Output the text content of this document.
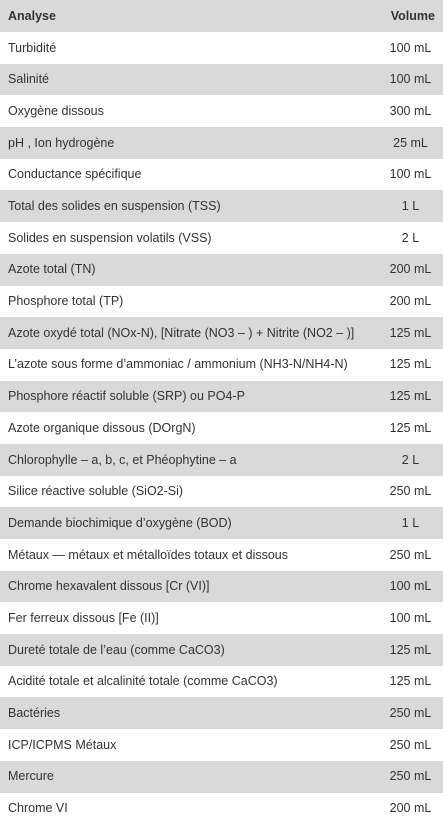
Analyse	Volume
Turbidité	100 mL
Salinité	100 mL
Oxygène dissous	300 mL
pH , Ion hydrogène	25 mL
Conductance spécifique	100 mL
Total des solides en suspension (TSS)	1 L
Solides en suspension volatils (VSS)	2 L
Azote total (TN)	200 mL
Phosphore total (TP)	200 mL
Azote oxydé total (NOx-N), [Nitrate (NO3 – ) + Nitrite (NO2 – )]	125 mL
L’azote sous forme d’ammoniac / ammonium (NH3-N/NH4-N)	125 mL
Phosphore réactif soluble (SRP) ou PO4-P	125 mL
Azote organique dissous (DOrgN)	125 mL
Chlorophylle – a, b, c, et Phéophytine – a	2 L
Silice réactive soluble (SiO2-Si)	250 mL
Demande biochimique d’oxygène (BOD)	1 L
Métaux — métaux et métalloïdes totaux et dissous	250 mL
Chrome hexavalent dissous [Cr (VI)]	100 mL
Fer ferreux dissous [Fe (II)]	100 mL
Dureté totale de l’eau (comme CaCO3)	125 mL
Acidité totale et alcalinité totale (comme CaCO3)	125 mL
Bactéries	250 mL
ICP/ICPMS Métaux	250 mL
Mercure	250 mL
Chrome VI	200 mL
